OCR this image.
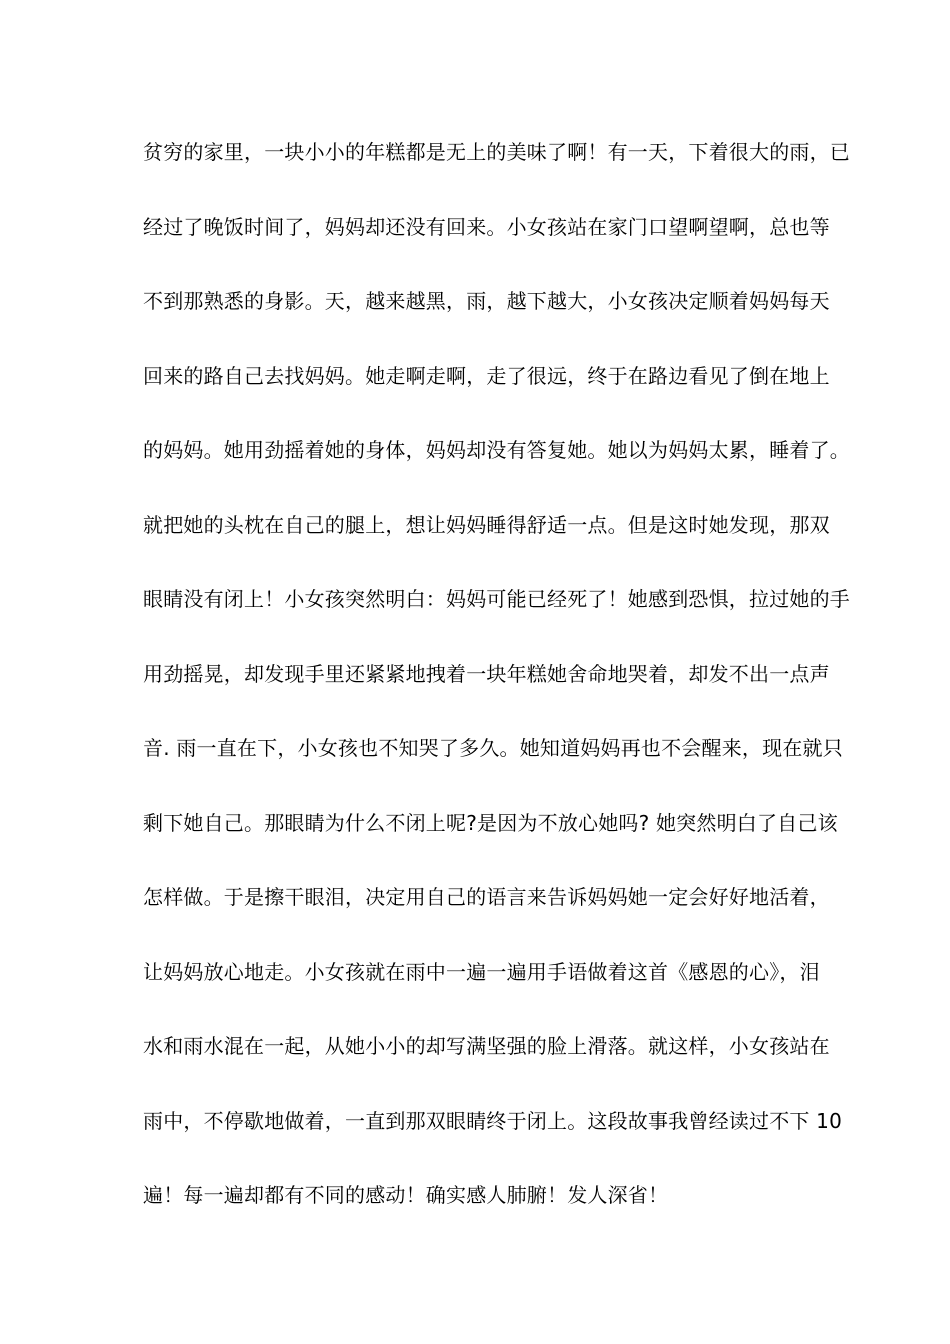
贫穷的家里，一块小小的年糕都是无上的美味了啊！有一天，下着很大的雨，已
经过了晚饭时间了，妈妈却还没有回来。小女孩站在家门口望啊望啊，总也等
不到那熟悉的身影。天，越来越黑，雨，越下越大，小女孩决定顺着妈妈每天
回来的路自己去找妈妈。她走啊走啊，走了很远，终于在路边看见了倒在地上
的妈妈。她用劲摇着她的身体，妈妈却没有答复她。她以为妈妈太累，睡着了。
就把她的头枕在自己的腿上，想让妈妈睡得舒适一点。但是这时她发现，那双
眼睛没有闭上！小女孩突然明白：妈妈可能已经死了！她感到恐惧，拉过她的手
用劲摇晃，却发现手里还紧紧地拽着一块年糕她舍命地哭着，却发不出一点声
音. 雨一直在下，小女孩也不知哭了多久。她知道妈妈再也不会醒来，现在就只
剩下她自己。那眼睛为什么不闭上呢?是因为不放心她吗? 她突然明白了自己该
怎样做。于是擦干眼泪，决定用自己的语言来告诉妈妈她一定会好好地活着，
让妈妈放心地走。小女孩就在雨中一遍一遍用手语做着这首《感恩的心》，泪
水和雨水混在一起，从她小小的却写满坚强的脸上滑落。就这样，小女孩站在
雨中，不停歇地做着，一直到那双眼睛终于闭上。这段故事我曾经读过不下 10
遍！每一遍却都有不同的感动！确实感人肺腑！发人深省！
